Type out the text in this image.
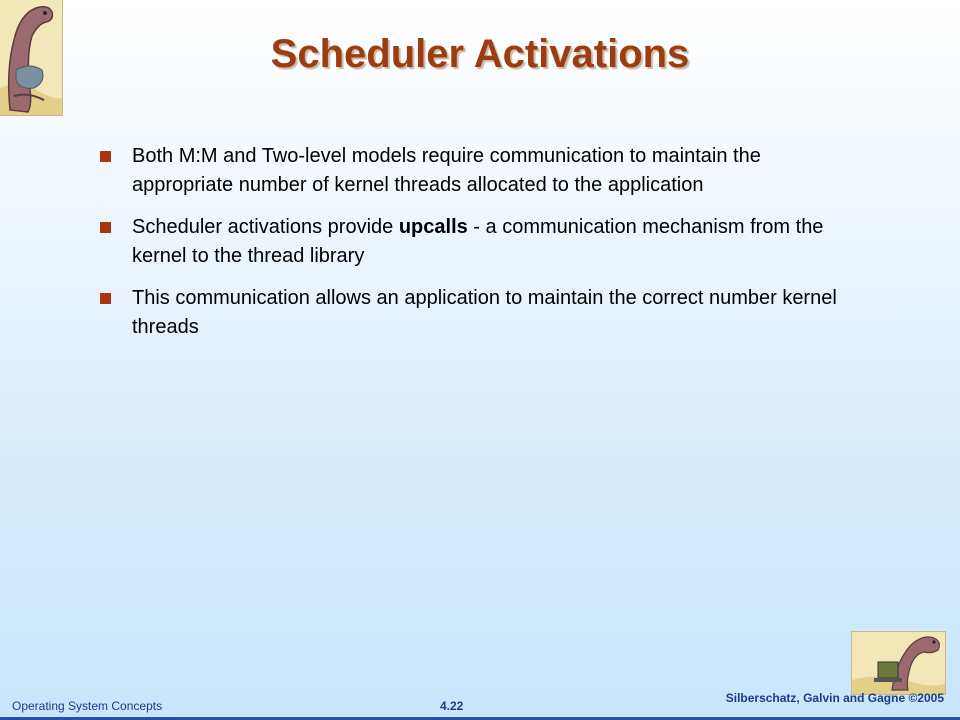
Scheduler Activations
Both M:M and Two-level models require communication to maintain the appropriate number of kernel threads allocated to the application
Scheduler activations provide upcalls - a communication mechanism from the kernel to the thread library
This communication allows an application to maintain the correct number kernel threads
Operating System Concepts	4.22
Silberschatz, Galvin and Gagne ©2005
